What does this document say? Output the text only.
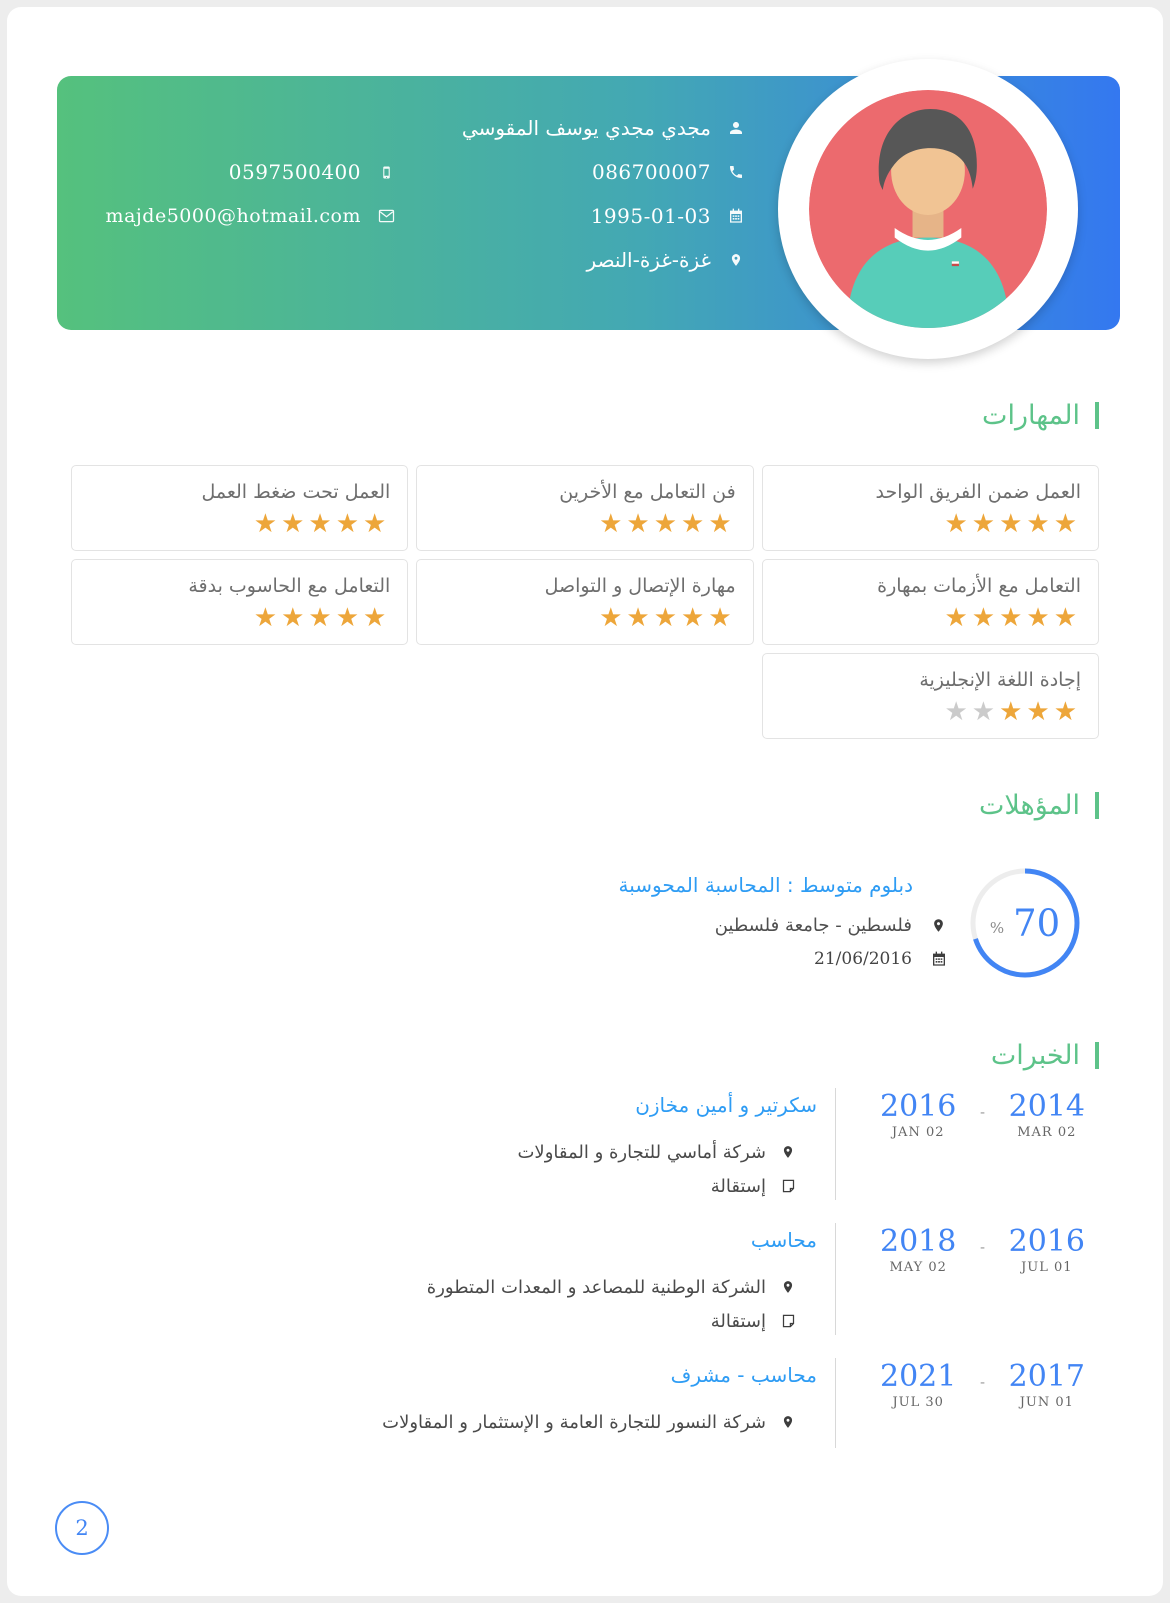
مجدي مجدي يوسف المقوسي
086700007
1995-01-03
غزة-غزة-النصر
0597500400
majde5000@hotmail.com
المهارات
العمل ضمن الفريق الواحد
★★★★★
فن التعامل مع الأخرين
★★★★★
العمل تحت ضغط العمل
★★★★★
التعامل مع الأزمات بمهارة
★★★★★
مهارة الإتصال و التواصل
★★★★★
التعامل مع الحاسوب بدقة
★★★★★
إجادة اللغة الإنجليزية
★★★★★
المؤهلات
% 70
دبلوم متوسط : المحاسبة المحوسبة
فلسطين - جامعة فلسطين
21/06/2016
الخبرات
2014
MAR 02
-
2016
JAN 02
سكرتير و أمين مخازن
شركة أماسي للتجارة و المقاولات
إستقالة
2016
JUL 01
-
2018
MAY 02
محاسب
الشركة الوطنية للمصاعد و المعدات المتطورة
إستقالة
2017
JUN 01
-
2021
JUL 30
محاسب - مشرف
شركة النسور للتجارة العامة و الإستثمار و المقاولات
2
